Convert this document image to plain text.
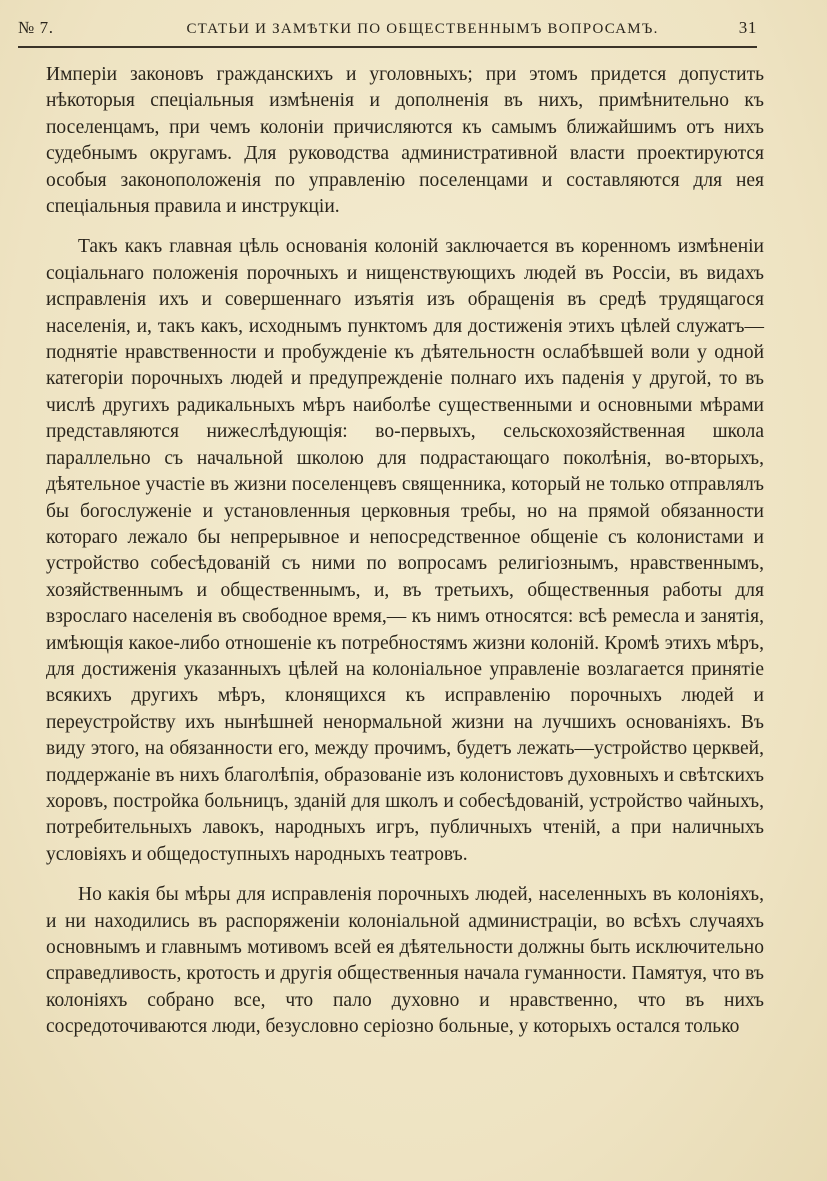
№ 7.	СТАТЬИ И ЗАМѢТКИ ПО ОБЩЕСТВЕННЫМЪ ВОПРОСАМЪ.	31

Имперіи законовъ гражданскихъ и уголовныхъ; при этомъ придется допустить нѣкоторыя спеціальныя измѣненія и дополненія въ нихъ, примѣнительно къ поселенцамъ, при чемъ колоніи причисляются къ самымъ ближайшимъ отъ нихъ судебнымъ округамъ. Для руководства административной власти проектируются особыя законоположенія по управленію поселенцами и составляются для нея спеціальныя правила и инструкціи.

Такъ какъ главная цѣль основанія колоній заключается въ коренномъ измѣненіи соціальнаго положенія порочныхъ и нищенствующихъ людей въ Россіи, въ видахъ исправленія ихъ и совершеннаго изъятія изъ обращенія въ средѣ трудящагося населенія, и, такъ какъ, исходнымъ пунктомъ для достиженія этихъ цѣлей служатъ—поднятіе нравственности и пробужденіе къ дѣятельностн ослабѣвшей воли у одной категоріи порочныхъ людей и предупрежденіе полнаго ихъ паденія у другой, то въ числѣ другихъ радикальныхъ мѣръ наиболѣе существенными и основными мѣрами представляются нижеслѣдующія: во-первыхъ, сельскохозяйственная школа параллельно съ начальной школою для подрастающаго поколѣнія, во-вторыхъ, дѣятельное участіе въ жизни поселенцевъ священника, который не только отправлялъ бы богослуженіе и установленныя церковныя требы, но на прямой обязанности котораго лежало бы непрерывное и непосредственное общеніе съ колонистами и устройство собесѣдованій съ ними по вопросамъ религіознымъ, нравственнымъ, хозяйственнымъ и общественнымъ, и, въ третьихъ, общественныя работы для взрослаго населенія въ свободное время,— къ нимъ относятся: всѣ ремесла и занятія, имѣющія какое-либо отношеніе къ потребностямъ жизни колоній. Кромѣ этихъ мѣръ, для достиженія указанныхъ цѣлей на колоніальное управленіе возлагается принятіе всякихъ другихъ мѣръ, клонящихся къ исправленію порочныхъ людей и переустройству ихъ нынѣшней ненормальной жизни на лучшихъ основаніяхъ. Въ виду этого, на обязанности его, между прочимъ, будетъ лежать—устройство церквей, поддержаніе въ нихъ благолѣпія, образованіе изъ колонистовъ духовныхъ и свѣтскихъ хоровъ, постройка больницъ, зданій для школъ и собесѣдованій, устройство чайныхъ, потребительныхъ лавокъ, народныхъ игръ, публичныхъ чтеній, а при наличныхъ условіяхъ и общедоступныхъ народныхъ театровъ.

Но какія бы мѣры для исправленія порочныхъ людей, населенныхъ въ колоніяхъ, и ни находились въ распоряженіи колоніальной администраціи, во всѣхъ случаяхъ основнымъ и главнымъ мотивомъ всей ея дѣятельности должны быть исключительно справедливость, кротость и другія общественныя начала гуманности. Памятуя, что въ колоніяхъ собрано все, что пало духовно и нравственно, что въ нихъ сосредоточиваются люди, безусловно серіозно больные, у которыхъ остался только
